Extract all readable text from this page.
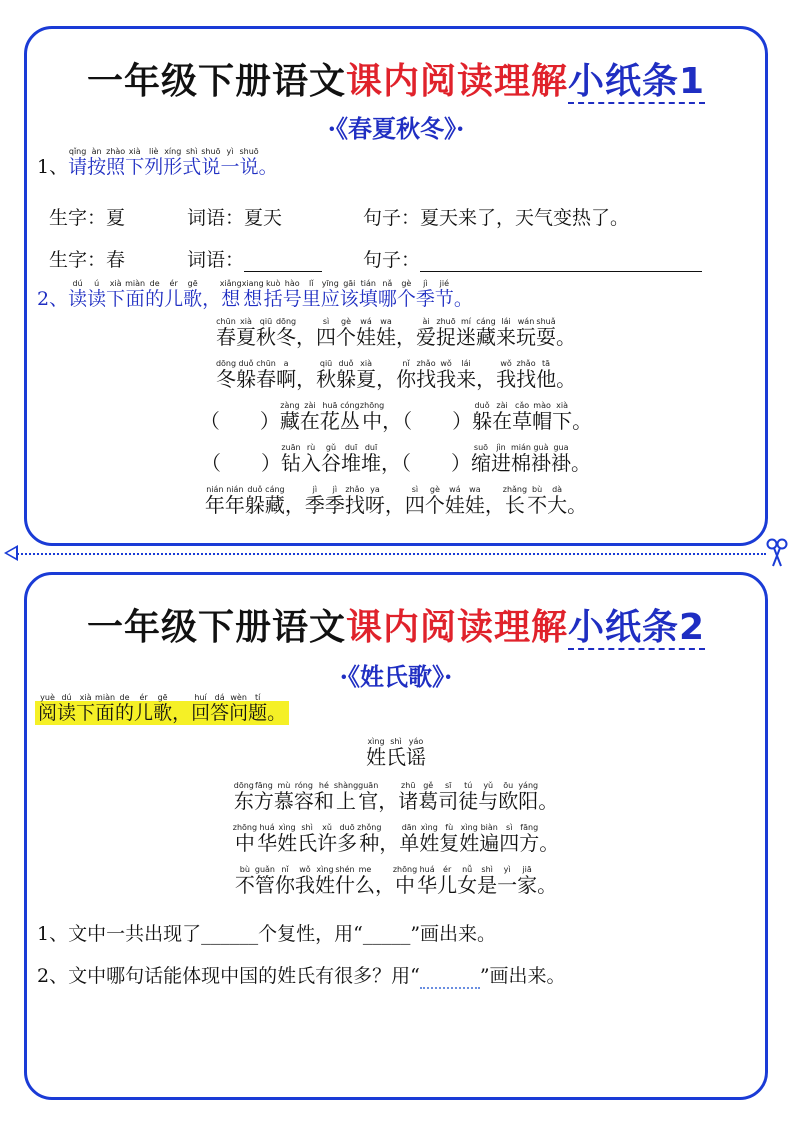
一年级下册语文课内阅读理解小纸条1
·《春夏秋冬》·
1、请qǐng按àn照zhào下xià列liè形xíng式shì说shuō一yì说shuō。
生字：夏	词语：夏天	句子：夏天来了，天气变热了。
生字：春	词语：	句子：
2、读dú读ú下xià面miàn的de儿ér歌gē，想xiǎng想xiang括kuò号hào里lǐ应yīng该gāi填tián哪nǎ个gè季jì节jié。
春chūn夏xià秋qiū冬dōng，四sì个gè娃wá娃wa，爱ài捉zhuō迷mí藏cáng来lái玩wán耍shuǎ。
冬dōng躲duǒ春chūn啊a，秋qiū躲duǒ夏xià，你nǐ找zhǎo我wǒ来lái，我wǒ找zhǎo他tā。
（　　）藏zàng在zài花huā丛cóng中zhōng，（　　）躲duǒ在zài草cǎo帽mào下xià。
（　　）钻zuān入rù谷gǔ堆duī堆duī，（　　）缩suō进jìn棉mián褂guà褂gua。
年nián年nián躲duǒ藏cáng，季jì季jì找zhǎo呀ya，四sì个gè娃wá娃wa，长zhǎng不bù大dà。
一年级下册语文课内阅读理解小纸条2
·《姓氏歌》·
阅yuè读dú下xià面miàn的de儿ér歌gē，回huí答dá问wèn题tí。
姓xìng氏shì谣yáo
东dōng方fāng慕mù容róng和hé上shàng官guān，诸zhū葛gě司sī徒tú与yǔ欧ōu阳yáng。
中zhōng华huá姓xìng氏shì许xǔ多duō种zhǒng，单dān姓xìng复fù姓xìng遍biàn四sì方fāng。
不bù管guǎn你nǐ我wǒ姓xìng什shén么me，中zhōng华huá儿ér女nǚ是shì一yì家jiā。
1、文中一共出现了______个复性，用“_____”画出来。
2、文中哪句话能体现中国的姓氏有很多？用“	”画出来。
